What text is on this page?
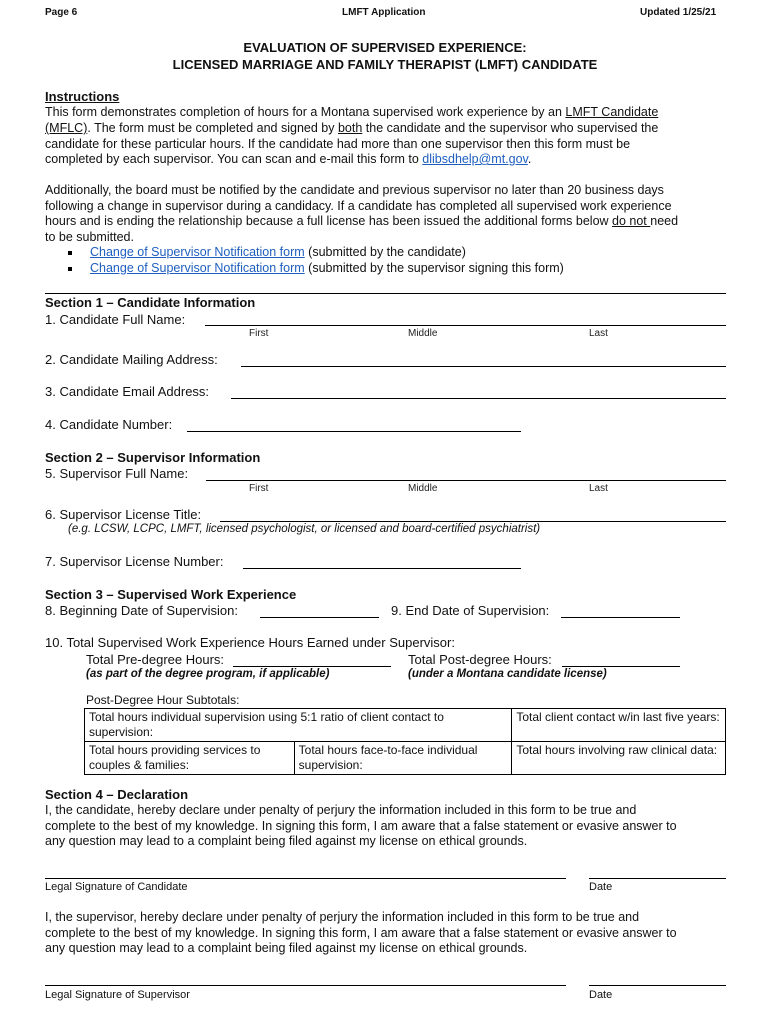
Page 6	LMFT Application	Updated 1/25/21
EVALUATION OF SUPERVISED EXPERIENCE:
LICENSED MARRIAGE AND FAMILY THERAPIST (LMFT) CANDIDATE
Instructions
This form demonstrates completion of hours for a Montana supervised work experience by an LMFT Candidate
(MFLC). The form must be completed and signed by both the candidate and the supervisor who supervised the
candidate for these particular hours. If the candidate had more than one supervisor then this form must be
completed by each supervisor. You can scan and e-mail this form to dlibsdhelp@mt.gov.
Additionally, the board must be notified by the candidate and previous supervisor no later than 20 business days
following a change in supervisor during a candidacy. If a candidate has completed all supervised work experience
hours and is ending the relationship because a full license has been issued the additional forms below do not need
to be submitted.
Change of Supervisor Notification form (submitted by the candidate)
Change of Supervisor Notification form (submitted by the supervisor signing this form)
Section 1 – Candidate Information
1. Candidate Full Name:
First	Middle	Last
2. Candidate Mailing Address:
3. Candidate Email Address:
4. Candidate Number:
Section 2 – Supervisor Information
5. Supervisor Full Name:
First	Middle	Last
6. Supervisor License Title:
(e.g. LCSW, LCPC, LMFT, licensed psychologist, or licensed and board-certified psychiatrist)
7. Supervisor License Number:
Section 3 – Supervised Work Experience
8. Beginning Date of Supervision:	9. End Date of Supervision:
10. Total Supervised Work Experience Hours Earned under Supervisor:
Total Pre-degree Hours:	Total Post-degree Hours:
(as part of the degree program, if applicable)	(under a Montana candidate license)
Post-Degree Hour Subtotals:
Total hours individual supervision using 5:1 ratio of client contact to supervision:		Total client contact w/in last five years:
Total hours providing services to couples & families:	Total hours face-to-face individual supervision:	Total hours involving raw clinical data:
Section 4 – Declaration
I, the candidate, hereby declare under penalty of perjury the information included in this form to be true and
complete to the best of my knowledge. In signing this form, I am aware that a false statement or evasive answer to
any question may lead to a complaint being filed against my license on ethical grounds.
Legal Signature of Candidate	Date
I, the supervisor, hereby declare under penalty of perjury the information included in this form to be true and
complete to the best of my knowledge. In signing this form, I am aware that a false statement or evasive answer to
any question may lead to a complaint being filed against my license on ethical grounds.
Legal Signature of Supervisor	Date
